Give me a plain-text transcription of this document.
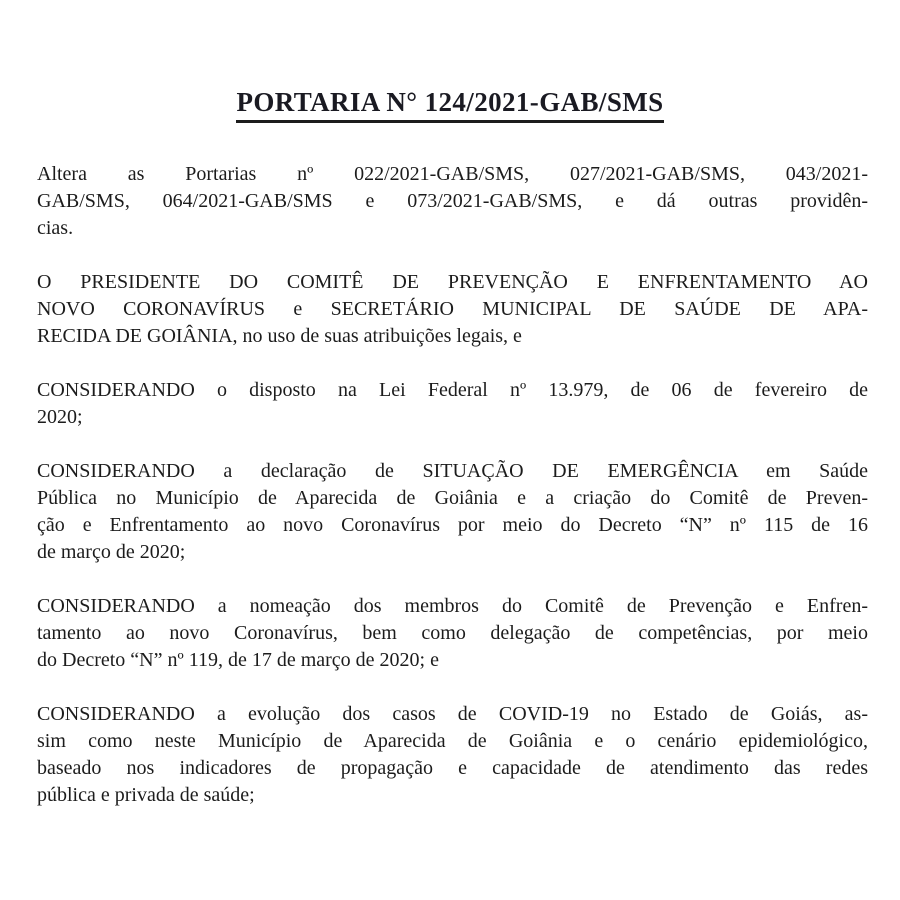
PORTARIA N° 124/2021-GAB/SMS
Altera as Portarias nº 022/2021-GAB/SMS, 027/2021-GAB/SMS, 043/2021-
GAB/SMS, 064/2021-GAB/SMS e 073/2021-GAB/SMS, e dá outras providên-
cias.
O PRESIDENTE DO COMITÊ DE PREVENÇÃO E ENFRENTAMENTO AO
NOVO CORONAVÍRUS e SECRETÁRIO MUNICIPAL DE SAÚDE DE APA-
RECIDA DE GOIÂNIA, no uso de suas atribuições legais, e
CONSIDERANDO o disposto na Lei Federal nº 13.979, de 06 de fevereiro de
2020;
CONSIDERANDO a declaração de SITUAÇÃO DE EMERGÊNCIA em Saúde
Pública no Município de Aparecida de Goiânia e a criação do Comitê de Preven-
ção e Enfrentamento ao novo Coronavírus por meio do Decreto “N” nº 115 de 16
de março de 2020;
CONSIDERANDO a nomeação dos membros do Comitê de Prevenção e Enfren-
tamento ao novo Coronavírus, bem como delegação de competências, por meio
do Decreto “N” nº 119, de 17 de março de 2020; e
CONSIDERANDO a evolução dos casos de COVID-19 no Estado de Goiás, as-
sim como neste Município de Aparecida de Goiânia e o cenário epidemiológico,
baseado nos indicadores de propagação e capacidade de atendimento das redes
pública e privada de saúde;
